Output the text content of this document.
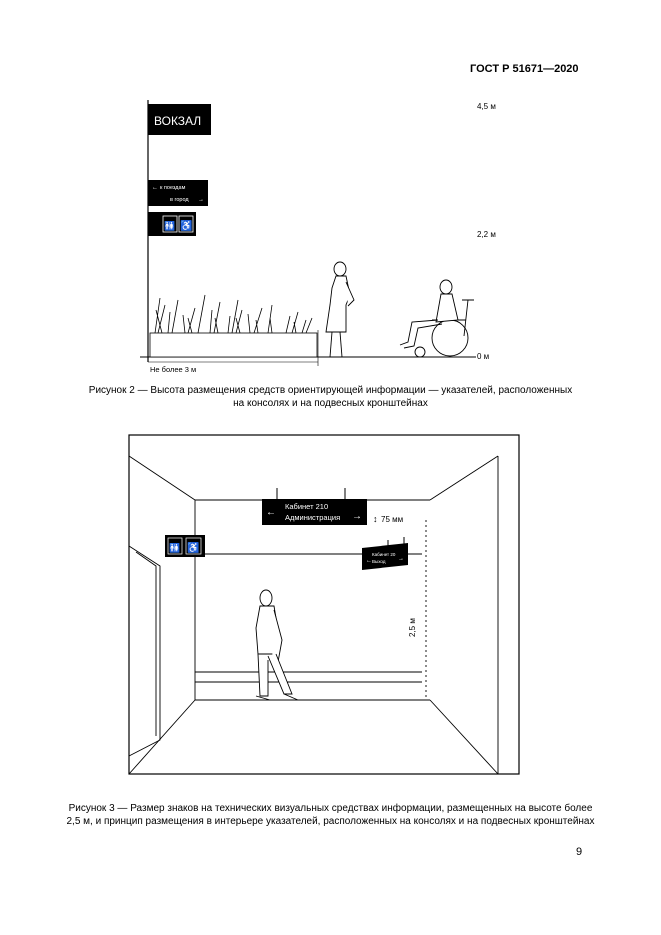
ГОСТ Р 51671—2020
ВОКЗАЛ
← к поездам
в город →
🚻 ♿
4,5 м
2,2 м
0 м
Не более 3 м
Рисунок 2 — Высота размещения средств ориентирующей информации — указателей, расположенных
на консолях и на подвесных кронштейнах
←
Кабинет 210
Администрация → ↕ 75 мм
🚻 ♿
←
Кабинет 20
Выход →
2,5 м
Рисунок 3 — Размер знаков на технических визуальных средствах информации, размещенных на высоте более
2,5 м, и принцип размещения в интерьере указателей, расположенных на консолях и на подвесных кронштейнах
9
